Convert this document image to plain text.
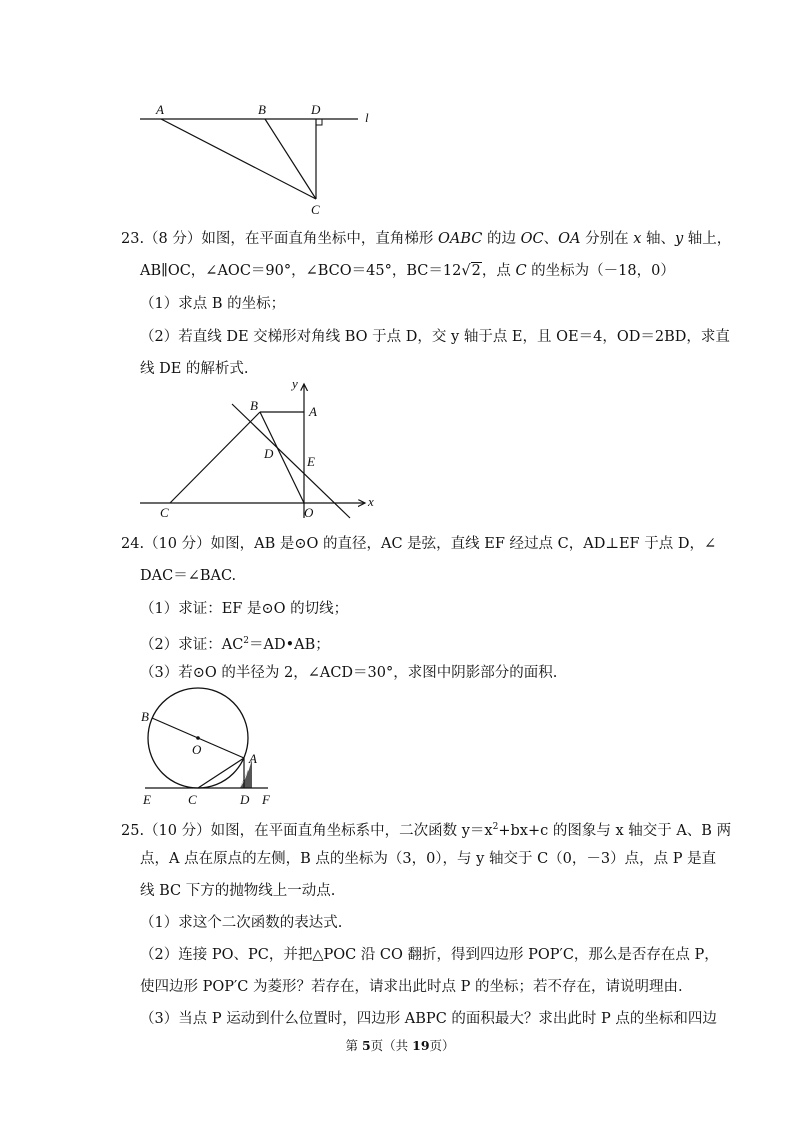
A	B	D
l
C
23.（8 分）如图，在平面直角坐标中，直角梯形 OABC 的边 OC、OA 分别在 x 轴、y 轴上，
AB∥OC，∠AOC＝90°，∠BCO＝45°，BC＝12√2，点 C 的坐标为（－18，0）
（1）求点 B 的坐标；
（2）若直线 DE 交梯形对角线 BO 于点 D，交 y 轴于点 E，且 OE＝4，OD＝2BD，求直
线 DE 的解析式.
y
B	A
D
E
C	O
x
24.（10 分）如图，AB 是⊙O 的直径，AC 是弦，直线 EF 经过点 C，AD⊥EF 于点 D，∠
DAC＝∠BAC.
（1）求证：EF 是⊙O 的切线；
（2）求证：$AC^2=AD•AB$；
（3）若⊙O 的半径为 2，∠ACD＝30°，求图中阴影部分的面积.
B
O
A
E	C	D F
25.（10 分）如图，在平面直角坐标系中，二次函数 $y=x^2+bx+c$ 的图象与 x 轴交于 A、B 两
点，A 点在原点的左侧，B 点的坐标为（3，0），与 y 轴交于 C（0，－3）点，点 P 是直
线 BC 下方的抛物线上一动点.
（1）求这个二次函数的表达式.
（2）连接 PO、PC，并把△POC 沿 CO 翻折，得到四边形 POP′C，那么是否存在点 P，
使四边形 POP′C 为菱形？若存在，请求出此时点 P 的坐标；若不存在，请说明理由.
（3）当点 P 运动到什么位置时，四边形 ABPC 的面积最大？求出此时 P 点的坐标和四边
第 5页（共 19页）
